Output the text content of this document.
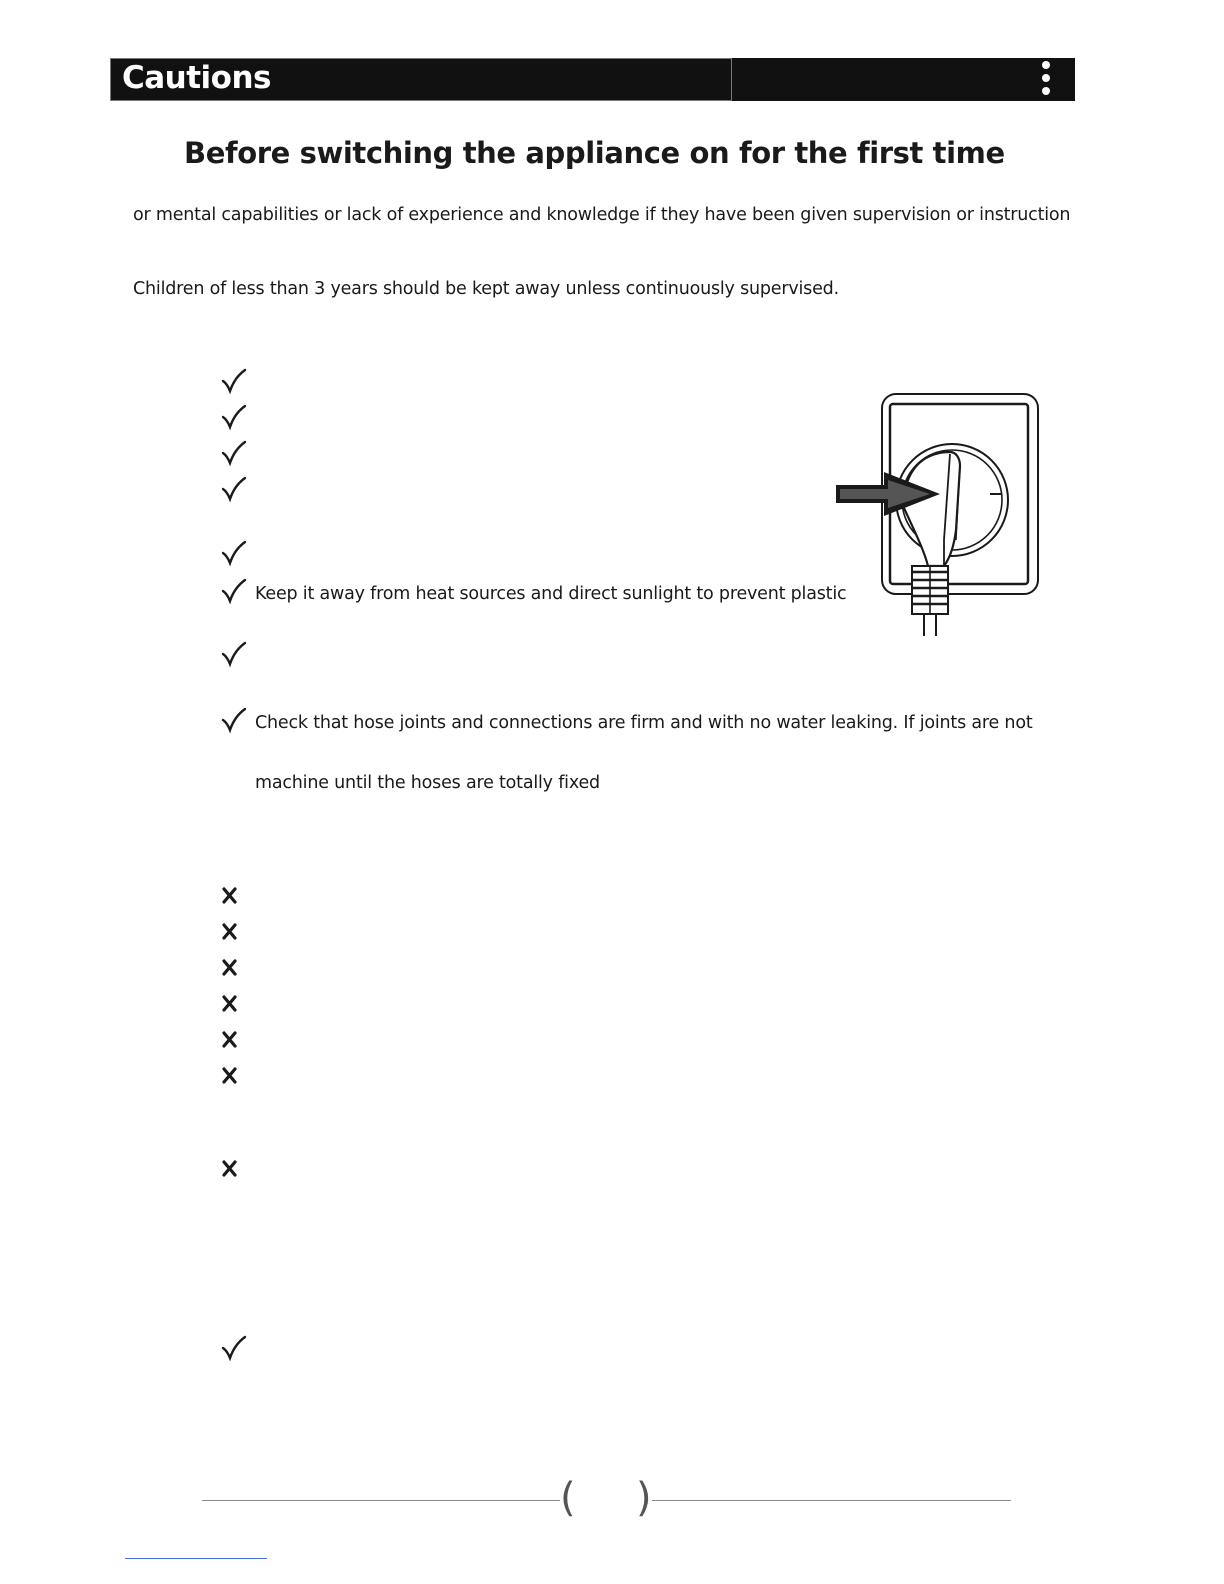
Cautions
Before switching the appliance on for the first time
or mental capabilities or lack of experience and knowledge if they have been given supervision or instruction
Children of less than 3 years should be kept away unless continuously supervised.
Keep it away from heat sources and direct sunlight to prevent plastic
Check that hose joints and connections are firm and with no water leaking. If joints are not
machine until the hoses are totally fixed
( )
